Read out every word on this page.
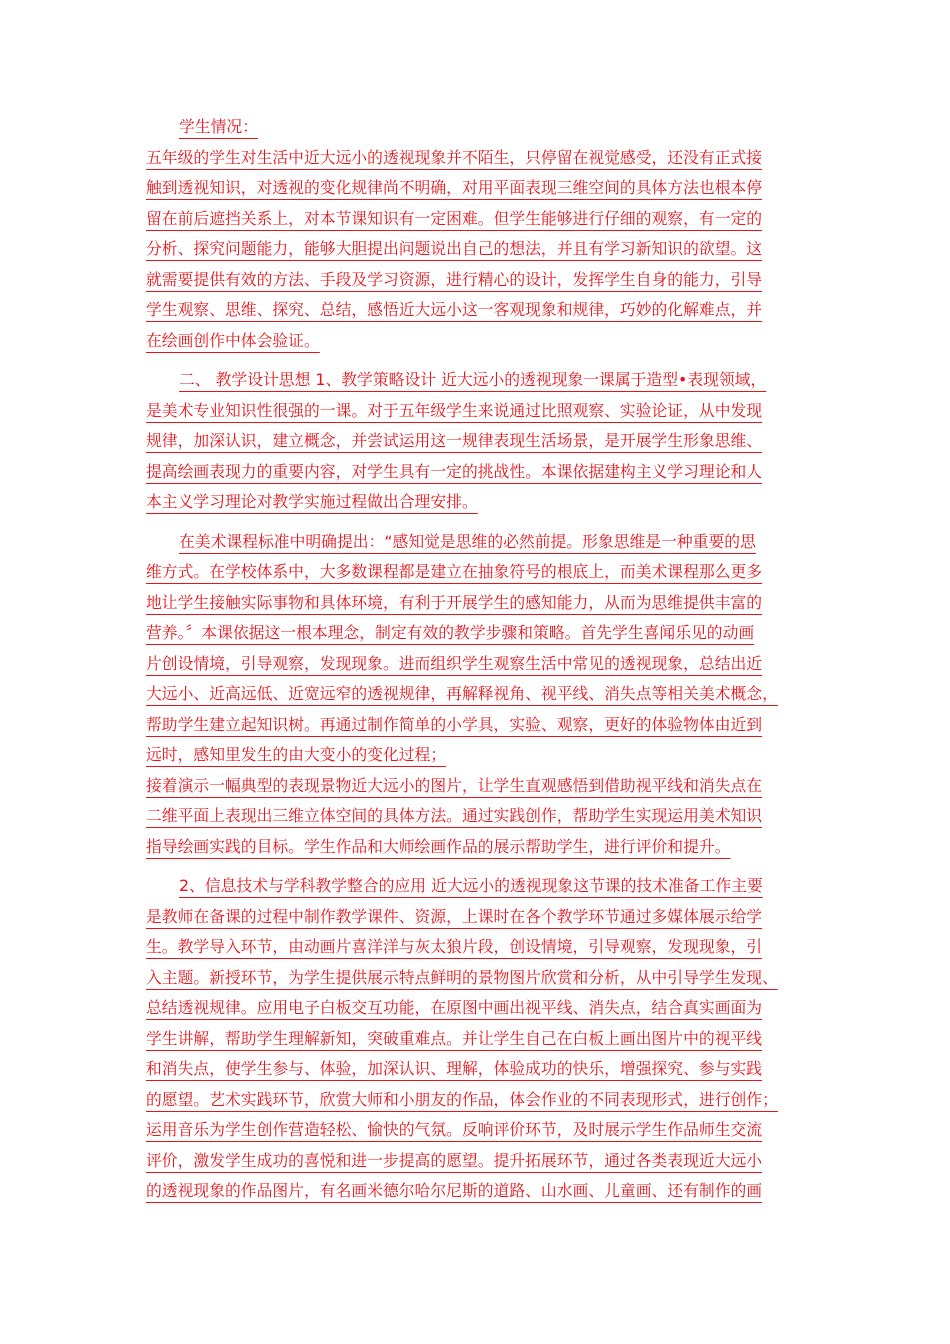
学生情况：
五年级的学生对生活中近大远小的透视现象并不陌生，只停留在视觉感受，还没有正式接
触到透视知识，对透视的变化规律尚不明确，对用平面表现三维空间的具体方法也根本停
留在前后遮挡关系上，对本节课知识有一定困难。但学生能够进行仔细的观察，有一定的
分析、探究问题能力，能够大胆提出问题说出自己的想法，并且有学习新知识的欲望。这
就需要提供有效的方法、手段及学习资源，进行精心的设计，发挥学生自身的能力，引导
学生观察、思维、探究、总结，感悟近大远小这一客观现象和规律，巧妙的化解难点，并
在绘画创作中体会验证。
二、 教学设计思想 1、教学策略设计 近大远小的透视现象一课属于造型•表现领域，
是美术专业知识性很强的一课。对于五年级学生来说通过比照观察、实验论证，从中发现
规律，加深认识，建立概念，并尝试运用这一规律表现生活场景，是开展学生形象思维、
提高绘画表现力的重要内容，对学生具有一定的挑战性。本课依据建构主义学习理论和人
本主义学习理论对教学实施过程做出合理安排。
在美术课程标准中明确提出：“感知觉是思维的必然前提。形象思维是一种重要的思
维方式。在学校体系中，大多数课程都是建立在抽象符号的根底上，而美术课程那么更多
地让学生接触实际事物和具体环境，有利于开展学生的感知能力，从而为思维提供丰富的
营养。〞本课依据这一根本理念，制定有效的教学步骤和策略。首先学生喜闻乐见的动画
片创设情境，引导观察，发现现象。进而组织学生观察生活中常见的透视现象，总结出近
大远小、近高远低、近宽远窄的透视规律，再解释视角、视平线、消失点等相关美术概念，
帮助学生建立起知识树。再通过制作简单的小学具，实验、观察，更好的体验物体由近到
远时，感知里发生的由大变小的变化过程；
接着演示一幅典型的表现景物近大远小的图片，让学生直观感悟到借助视平线和消失点在
二维平面上表现出三维立体空间的具体方法。通过实践创作，帮助学生实现运用美术知识
指导绘画实践的目标。学生作品和大师绘画作品的展示帮助学生，进行评价和提升。
2、信息技术与学科教学整合的应用 近大远小的透视现象这节课的技术准备工作主要
是教师在备课的过程中制作教学课件、资源，上课时在各个教学环节通过多媒体展示给学
生。教学导入环节，由动画片喜洋洋与灰太狼片段，创设情境，引导观察，发现现象，引
入主题。新授环节，为学生提供展示特点鲜明的景物图片欣赏和分析，从中引导学生发现、
总结透视规律。应用电子白板交互功能，在原图中画出视平线、消失点，结合真实画面为
学生讲解，帮助学生理解新知，突破重难点。并让学生自己在白板上画出图片中的视平线
和消失点，使学生参与、体验，加深认识、理解，体验成功的快乐，增强探究、参与实践
的愿望。艺术实践环节，欣赏大师和小朋友的作品，体会作业的不同表现形式，进行创作；
运用音乐为学生创作营造轻松、愉快的气氛。反响评价环节，及时展示学生作品师生交流
评价，激发学生成功的喜悦和进一步提高的愿望。提升拓展环节，通过各类表现近大远小
的透视现象的作品图片，有名画米德尔哈尔尼斯的道路、山水画、儿童画、还有制作的画
